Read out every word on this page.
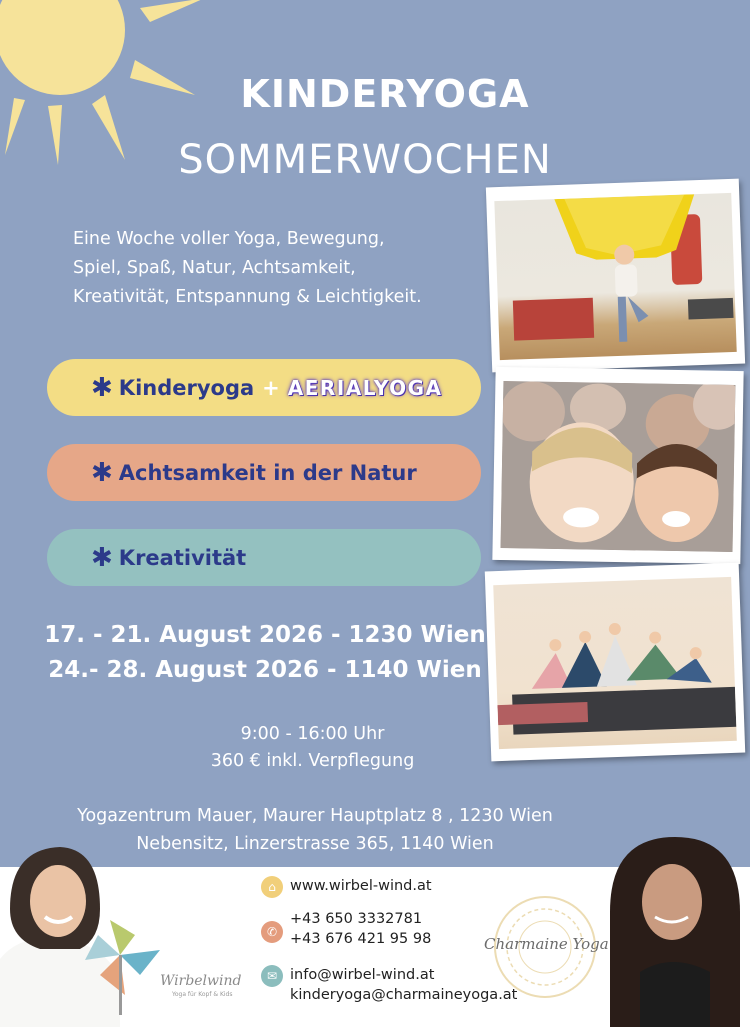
KINDERYOGA
SOMMERWOCHEN
Eine Woche voller Yoga, Bewegung,
Spiel, Spaß, Natur, Achtsamkeit,
Kreativität, Entspannung & Leichtigkeit.
✱ Kinderyoga + AERIALYOGA
✱ Achtsamkeit in der Natur
✱ Kreativität
17. - 21. August 2026 - 1230 Wien
24.- 28. August 2026 - 1140 Wien
9:00 - 16:00 Uhr
360 € inkl. Verpflegung
Yogazentrum Mauer, Maurer Hauptplatz 8 , 1230 Wien
Nebensitz, Linzerstrasse 365, 1140 Wien
Wirbelwind
Yoga für Kopf & Kids
Charmaine Yoga
⌂ www.wirbel-wind.at
✆
+43 650 3332781
+43 676 421 95 98
✉ info@wirbel-wind.at
kinderyoga@charmaineyoga.at
